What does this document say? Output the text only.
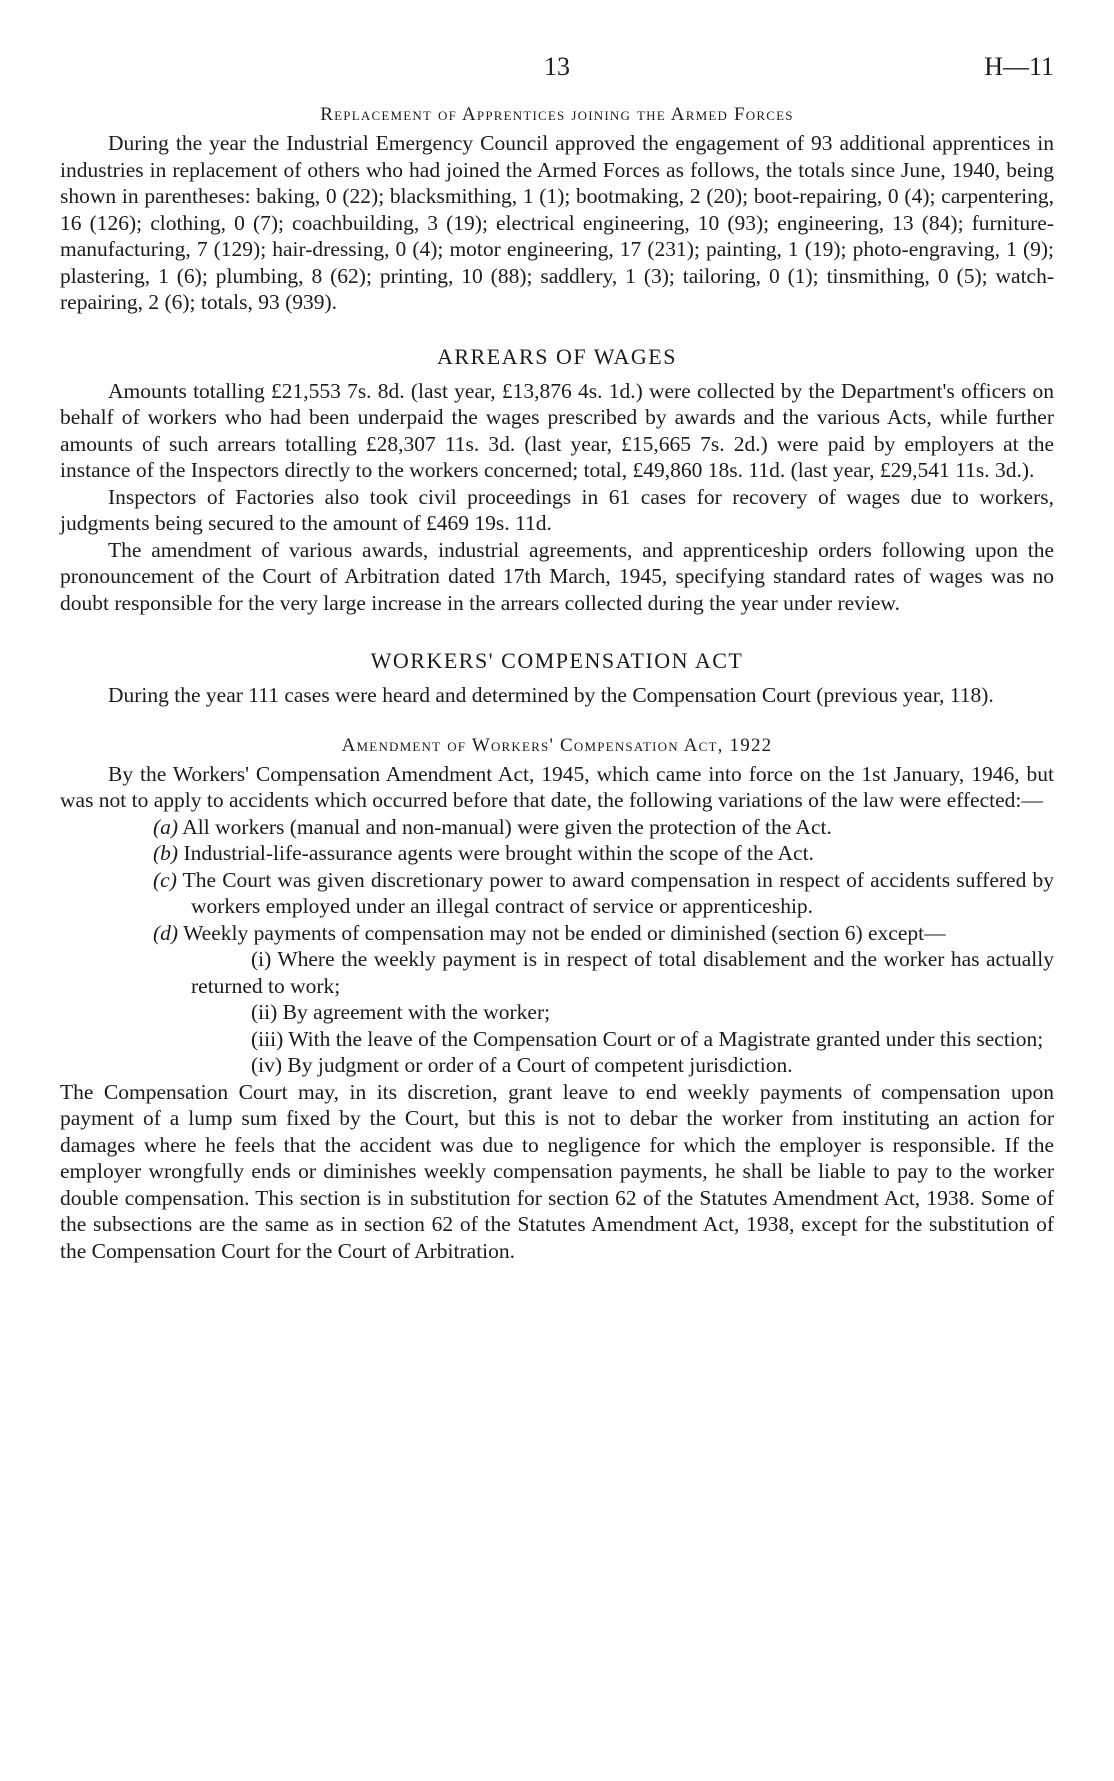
13	H—11
Replacement of Apprentices joining the Armed Forces

During the year the Industrial Emergency Council approved the engagement of 93 additional apprentices in industries in replacement of others who had joined the Armed Forces as follows, the totals since June, 1940, being shown in parentheses: baking, 0 (22); blacksmithing, 1 (1); bootmaking, 2 (20); boot-repairing, 0 (4); carpentering, 16 (126); clothing, 0 (7); coachbuilding, 3 (19); electrical engineering, 10 (93); engineering, 13 (84); furniture-manufacturing, 7 (129); hair-dressing, 0 (4); motor engineering, 17 (231); painting, 1 (19); photo-engraving, 1 (9); plastering, 1 (6); plumbing, 8 (62); printing, 10 (88); saddlery, 1 (3); tailoring, 0 (1); tinsmithing, 0 (5); watch-repairing, 2 (6); totals, 93 (939).

ARREARS OF WAGES

Amounts totalling £21,553 7s. 8d. (last year, £13,876 4s. 1d.) were collected by the Department's officers on behalf of workers who had been underpaid the wages prescribed by awards and the various Acts, while further amounts of such arrears totalling £28,307 11s. 3d. (last year, £15,665 7s. 2d.) were paid by employers at the instance of the Inspectors directly to the workers concerned; total, £49,860 18s. 11d. (last year, £29,541 11s. 3d.).

Inspectors of Factories also took civil proceedings in 61 cases for recovery of wages due to workers, judgments being secured to the amount of £469 19s. 11d.

The amendment of various awards, industrial agreements, and apprenticeship orders following upon the pronouncement of the Court of Arbitration dated 17th March, 1945, specifying standard rates of wages was no doubt responsible for the very large increase in the arrears collected during the year under review.

WORKERS' COMPENSATION ACT

During the year 111 cases were heard and determined by the Compensation Court (previous year, 118).

Amendment of Workers' Compensation Act, 1922

By the Workers' Compensation Amendment Act, 1945, which came into force on the 1st January, 1946, but was not to apply to accidents which occurred before that date, the following variations of the law were effected:—

(a) All workers (manual and non-manual) were given the protection of the Act.
(b) Industrial-life-assurance agents were brought within the scope of the Act.
(c) The Court was given discretionary power to award compensation in respect of accidents suffered by workers employed under an illegal contract of service or apprenticeship.
(d) Weekly payments of compensation may not be ended or diminished (section 6) except—
(i) Where the weekly payment is in respect of total disablement and the worker has actually returned to work;
(ii) By agreement with the worker;
(iii) With the leave of the Compensation Court or of a Magistrate granted under this section;
(iv) By judgment or order of a Court of competent jurisdiction.

The Compensation Court may, in its discretion, grant leave to end weekly payments of compensation upon payment of a lump sum fixed by the Court, but this is not to debar the worker from instituting an action for damages where he feels that the accident was due to negligence for which the employer is responsible. If the employer wrongfully ends or diminishes weekly compensation payments, he shall be liable to pay to the worker double compensation. This section is in substitution for section 62 of the Statutes Amendment Act, 1938. Some of the subsections are the same as in section 62 of the Statutes Amendment Act, 1938, except for the substitution of the Compensation Court for the Court of Arbitration.
